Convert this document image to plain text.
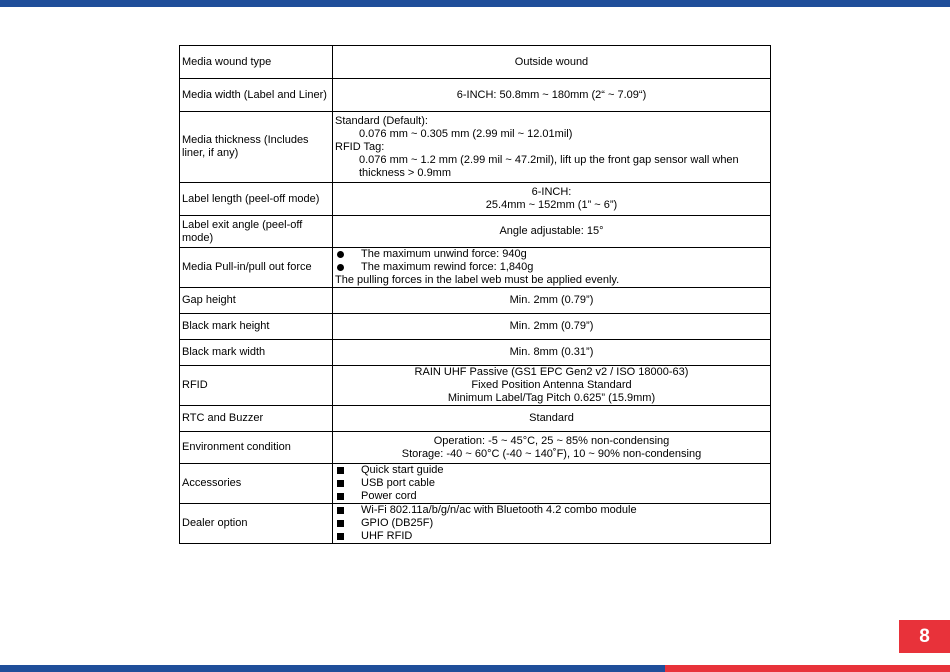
Media wound type	Outside wound
Media width (Label and Liner)	6-INCH: 50.8mm ~ 180mm (2“ ~ 7.09“)
Media thickness (Includes liner, if any)	Standard (Default):
0.076 mm ~ 0.305 mm (2.99 mil ~ 12.01mil)
RFID Tag:
0.076 mm ~ 1.2 mm (2.99 mil ~ 47.2mil), lift up the front gap sensor wall when thickness > 0.9mm

Label length (peel-off mode)	6-INCH:
25.4mm ~ 152mm (1” ~ 6”)

Label exit angle (peel-off mode)	Angle adjustable: 15°
Media Pull-in/pull out force	The maximum unwind force: 940g
The maximum rewind force: 1,840g
The pulling forces in the label web must be applied evenly.

Gap height	Min. 2mm (0.79”)
Black mark height	Min. 2mm (0.79”)
Black mark width	Min. 8mm (0.31”)
RFID	RAIN UHF Passive (GS1 EPC Gen2 v2 / ISO 18000-63)
Fixed Position Antenna Standard
Minimum Label/Tag Pitch 0.625” (15.9mm)

RTC and Buzzer	Standard
Environment condition	Operation: -5 ~ 45°C, 25 ~ 85% non-condensing
Storage: -40 ~ 60°C (-40 ~ 140˚F), 10 ~ 90% non-condensing

Accessories	Quick start guide
USB port cable
Power cord

Dealer option	Wi-Fi 802.11a/b/g/n/ac with Bluetooth 4.2 combo module
GPIO (DB25F)
UHF RFID
8
